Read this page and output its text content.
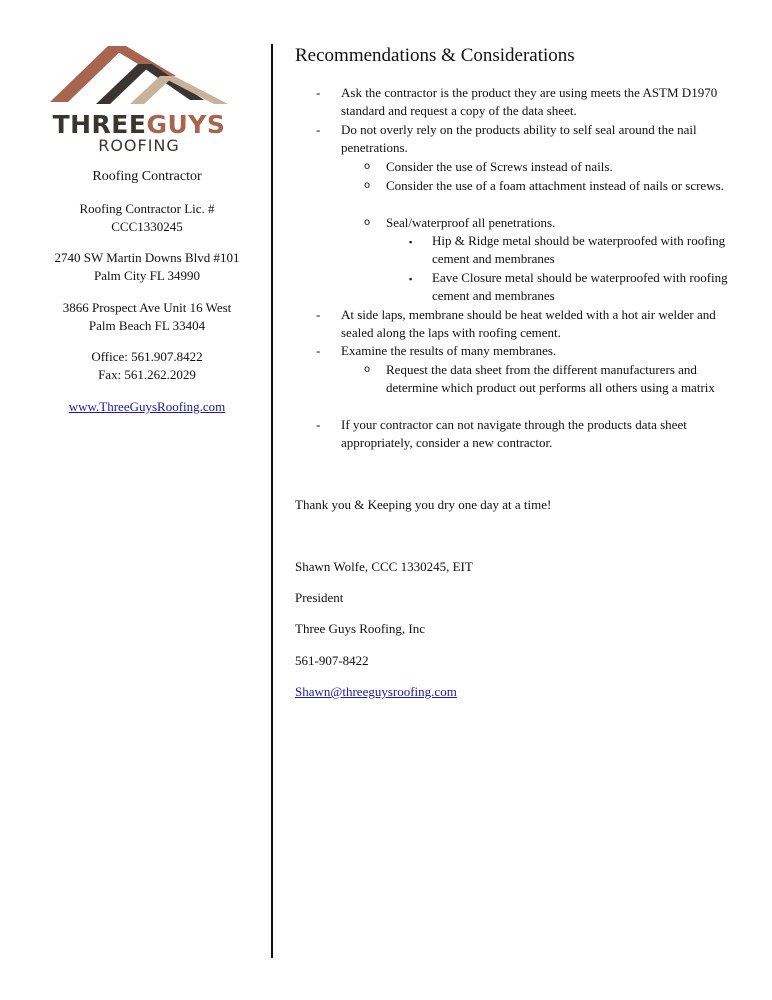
THREEGUYS
ROOFING
Roofing Contractor
Roofing Contractor Lic. #
CCC1330245
2740 SW Martin Downs Blvd #101
Palm City FL 34990
3866 Prospect Ave Unit 16 West
Palm Beach FL 33404
Office: 561.907.8422
Fax: 561.262.2029
www.ThreeGuysRoofing.com
Recommendations & Considerations
- Ask the contractor is the product they are using meets the ASTM D1970 standard and request a copy of the data sheet.
- Do not overly rely on the products ability to self seal around the nail penetrations.
o Consider the use of Screws instead of nails.
o Consider the use of a foam attachment instead of nails or screws.
o Seal/waterproof all penetrations.
▪ Hip & Ridge metal should be waterproofed with roofing cement and membranes
▪ Eave Closure metal should be waterproofed with roofing cement and membranes
- At side laps, membrane should be heat welded with a hot air welder and sealed along the laps with roofing cement.
- Examine the results of many membranes.
o Request the data sheet from the different manufacturers and determine which product out performs all others using a matrix
- If your contractor can not navigate through the products data sheet appropriately, consider a new contractor.
Thank you & Keeping you dry one day at a time!
Shawn Wolfe, CCC 1330245, EIT
President
Three Guys Roofing, Inc
561-907-8422
Shawn@threeguysroofing.com
